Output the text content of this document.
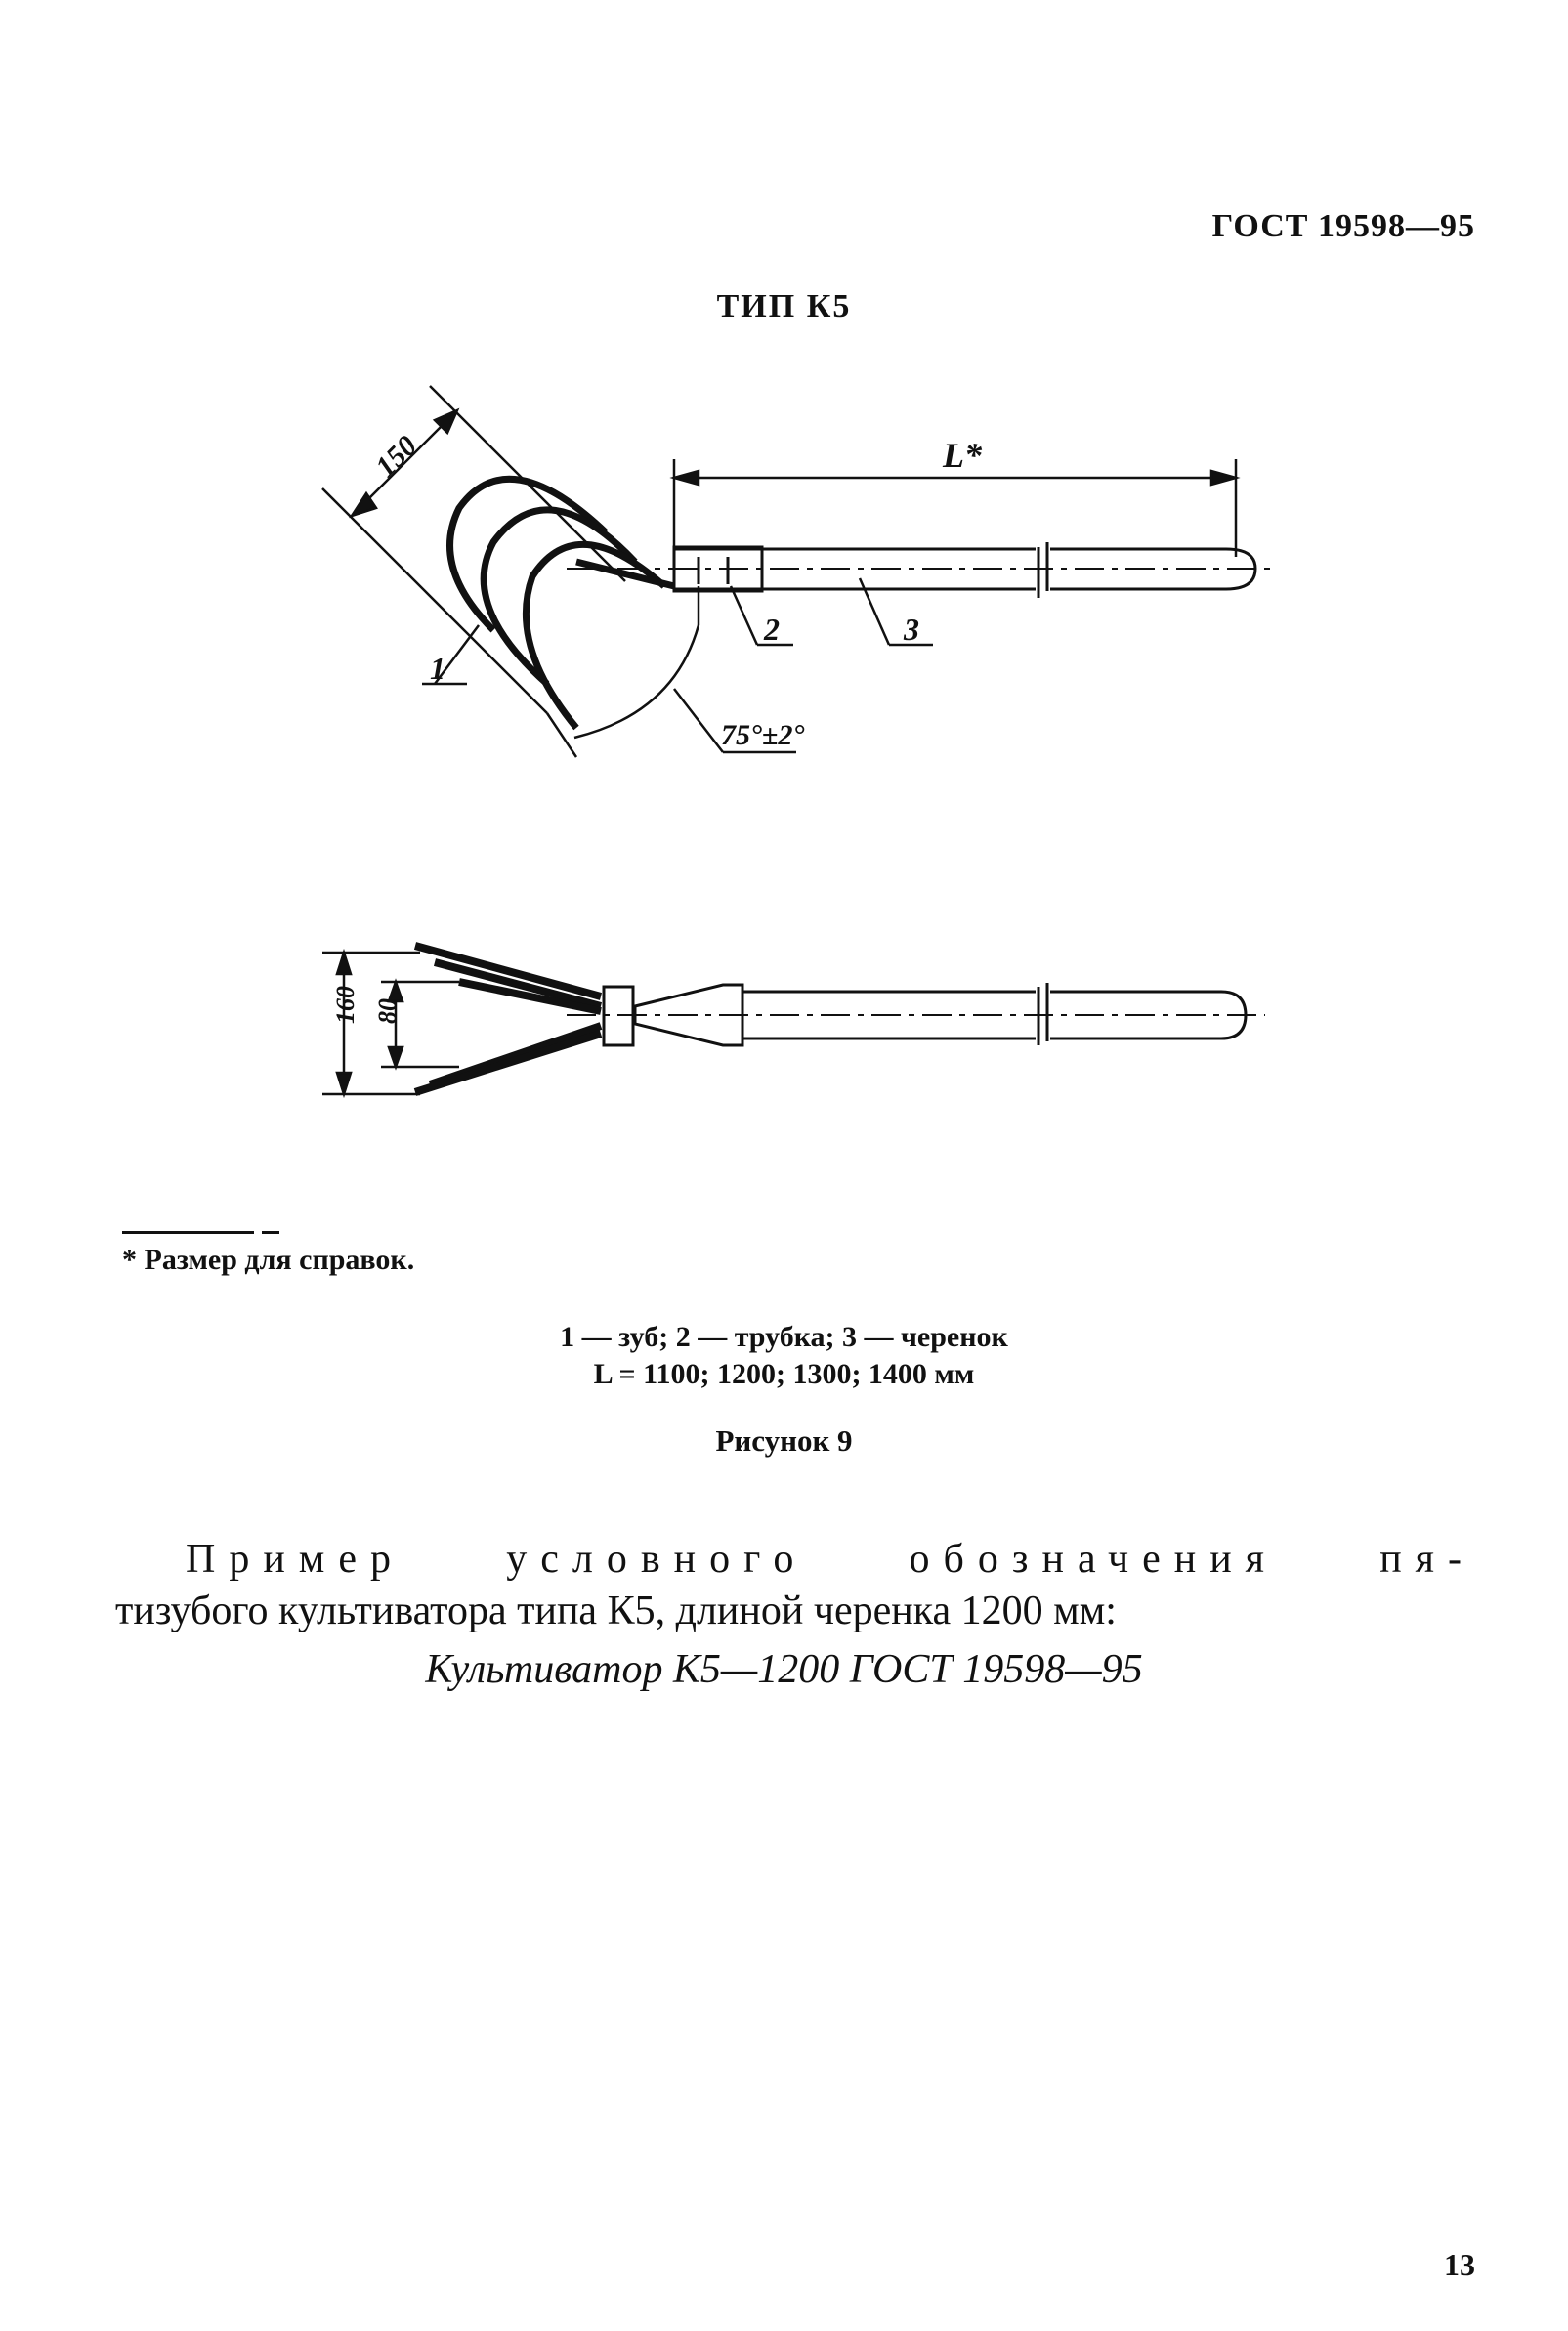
ГОСТ 19598—95
ТИП К5
150	L*
75°±2°
1
2	3
160 80
* Размер для справок.
1 — зуб; 2 — трубка; 3 — черенок
L = 1100; 1200; 1300; 1400 мм
Рисунок 9
Пример условного обозначения пя-
тизубого культиватора типа К5, длиной черенка 1200 мм:
Культиватор К5—1200 ГОСТ 19598—95
13
